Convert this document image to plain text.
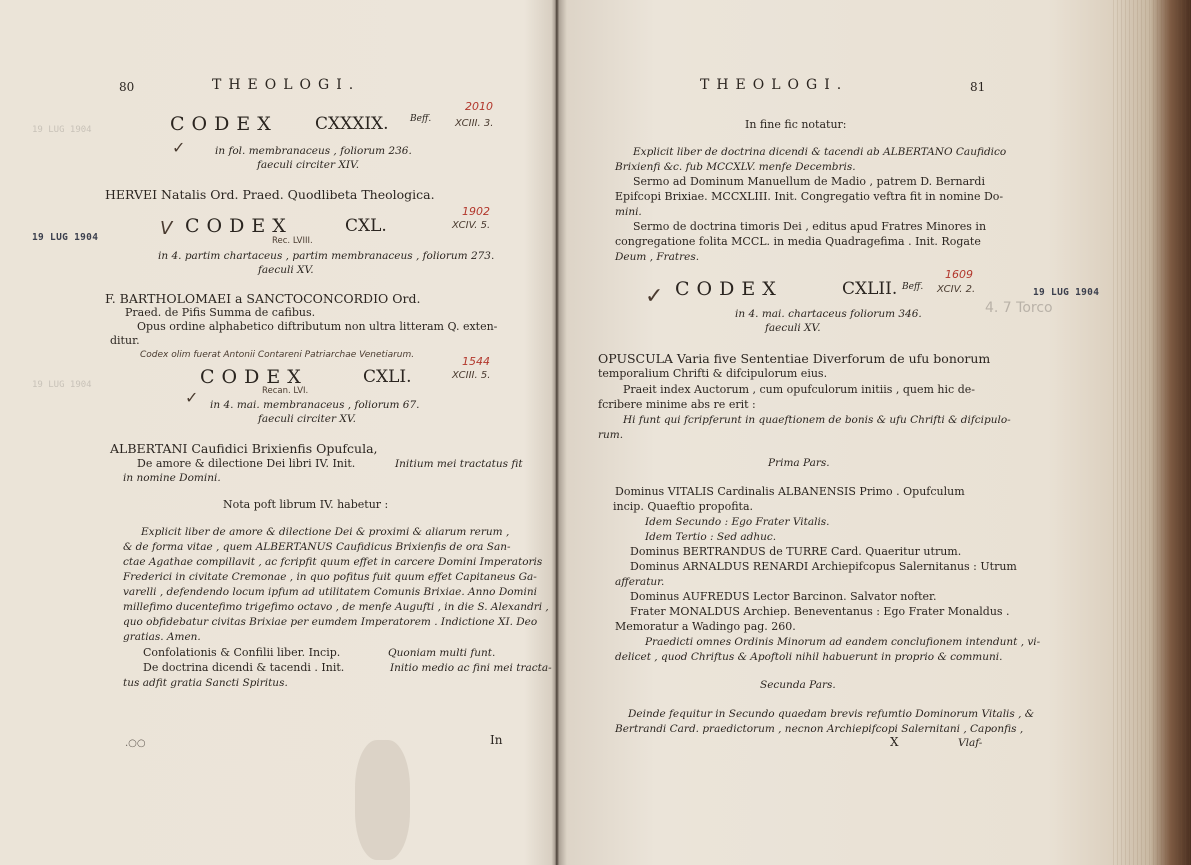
80	THEOLOGI.
CODEX CXXXIX. Beff.
2010
XCIII. 3.
✓	in fol. membranaceus , foliorum 236.
faeculi circiter XIV.
HERVEI Natalis Ord. Praed. Quodlibeta Theologica.
19 LUG 1904
19 LUG 1904	V CODEX	CXL.
1902
XCIV. 5.
Rec. LVIII.
in 4. partim chartaceus , partim membranaceus , foliorum 273.
faeculi XV.
F. BARTHOLOMAEI a SANCTOCONCORDIO Ord.
Praed. de Pifis Summa de cafibus.
Opus ordine alphabetico diftributum non ultra litteram Q. exten-
ditur.
Codex olim fuerat Antonii Contareni Patriarchae Venetiarum.
19 LUG 1904	CODEX	CXLI.
1544
XCIII. 5.
Recan. LVI.
✓ in 4. mai. membranaceus , foliorum 67.
faeculi circiter XV.
ALBERTANI Caufidici Brixienfis Opufcula,
De amore & dilectione Dei libri IV. Init.	Initium mei tractatus fit
in nomine Domini.
Nota poft librum IV. habetur :
Explicit liber de amore & dilectione Dei & proximi & aliarum rerum ,
& de forma vitae , quem ALBERTANUS Caufidicus Brixienfis de ora San-
ctae Agathae compillavit , ac fcripfit quum effet in carcere Domini Imperatoris
Frederici in civitate Cremonae , in quo pofitus fuit quum effet Capitaneus Ga-
varelli , defendendo locum ipfum ad utilitatem Comunis Brixiae. Anno Domini
millefimo ducentefimo trigefimo octavo , de menfe Augufti , in die S. Alexandri ,
quo obfidebatur civitas Brixiae per eumdem Imperatorem . Indictione XI. Deo
gratias. Amen.
Confolationis & Confilii liber. Incip.	Quoniam multi funt.
De doctrina dicendi & tacendi . Init.	Initio medio ac fini mei tracta-
tus adfit gratia Sancti Spiritus.
.○○	In
THEOLOGI.	81
In fine fic notatur:
Explicit liber de doctrina dicendi & tacendi ab ALBERTANO Caufidico
Brixienfi &c. fub MCCXLV. menfe Decembris.
Sermo ad Dominum Manuellum de Madio , patrem D. Bernardi
Epifcopi Brixiae. MCCXLIII. Init. Congregatio veftra fit in nomine Do-
mini.
Sermo de doctrina timoris Dei , editus apud Fratres Minores in
congregatione folita MCCL. in media Quadragefima . Init. Rogate
Deum , Fratres.
✓ CODEX	CXLII. Beff.
1609
XCIV. 2.
4. 7 Torco
in 4. mai. chartaceus foliorum 346.
faeculi XV.
OPUSCULA Varia five Sententiae Diverforum de ufu bonorum
temporalium Chrifti & difcipulorum eius.
Praeit index Auctorum , cum opufculorum initiis , quem hic de-
fcribere minime abs re erit :
Hi funt qui fcripferunt in quaeftionem de bonis & ufu Chrifti & difcipulo-
rum.
Prima Pars.
Dominus VITALIS Cardinalis ALBANENSIS Primo . Opufculum
incip. Quaeftio propofita.
Idem Secundo : Ego Frater Vitalis.
Idem Tertio : Sed adhuc.
Dominus BERTRANDUS de TURRE Card. Quaeritur utrum.
Dominus ARNALDUS RENARDI Archiepifcopus Salernitanus : Utrum
afferatur.
Dominus AUFREDUS Lector Barcinon. Salvator nofter.
Frater MONALDUS Archiep. Beneventanus : Ego Frater Monaldus .
Memoratur a Wadingo pag. 260.
Praedicti omnes Ordinis Minorum ad eandem conclufionem intendunt , vi-
delicet , quod Chriftus & Apoftoli nihil habuerunt in proprio & communi.
Secunda Pars.
Deinde fequitur in Secundo quaedam brevis refumtio Dominorum Vitalis , &
Bertrandi Card. praedictorum , necnon Archiepifcopi Salernitani , Caponfis ,
X	Vlaf-
19 LUG 1904
